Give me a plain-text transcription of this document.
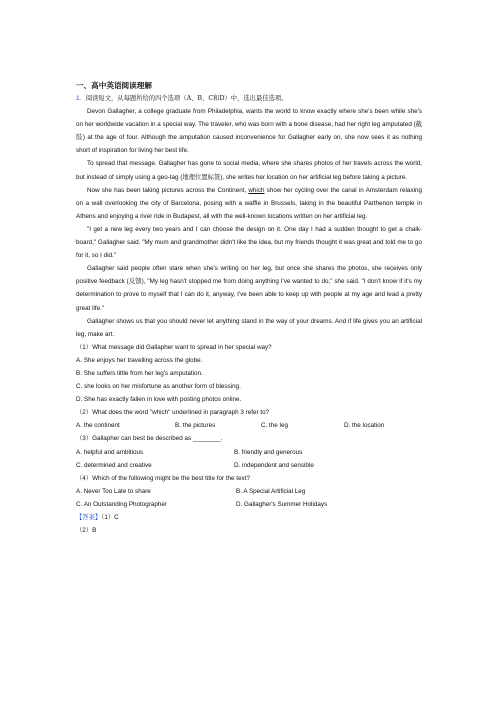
一、高中英语阅读理解
1．阅读短文，从每题所给的四个选项（A、B、C和D）中，选出最佳选项。

Devon Gallagher, a college graduate from Philadelphia, wants the world to know exactly where she's been while she's on her worldwide vacation in a special way. The traveler, who was born with a bone disease, had her right leg amputated (截肢) at the age of four. Although the amputation caused inconvenience for Gallagher early on, she now sees it as nothing short of inspiration for living her best life.

To spread that message. Gallagher has gone to social media, where she shares photos of her travels across the world, but instead of simply using a geo-tag (地理位置标签), she writes her location on her artificial leg before taking a picture.

Now she has been taking pictures across the Continent, which show her cycling over the canal in Amsterdam relaxing on a wall overlooking the city of Barcelona, posing with a waffle in Brussels, taking in the beautiful Parthenon temple in Athens and enjoying a river ride in Budapest, all with the well-known locations written on her artificial leg.

"I get a new leg every two years and I can choose the design on it. One day I had a sudden thought to get a chalk-board," Gallagher said. "My mum and grandmother didn't like the idea, but my friends thought it was great and told me to go for it, so I did."

Gallagher said people often stare when she's writing on her leg, but once she shares the photos, she receives only positive feedback (反馈), "My leg hasn't stopped me from doing anything I've wanted to do," she said. "I don't know if it's my determination to prove to myself that I can do it, anyway, I've been able to keep up with people at my age and lead a pretty great life."

Gallagher shows us that you should never let anything stand in the way of your dreams. And if life gives you an artificial leg, make art.

（1）What message did Gallapher want to spread in her special way?
A. She enjoys her travelling across the globe.
B. She suffers little from her leg's amputation.
C. she looks on her misfortune as another form of blessing.
D. She has exactly fallen in love with posting photos online.
（2）What does the word "which" underlined in paragraph 3 refer to?
A. the continent	B. the pictures	C. the leg	D. the location
（3）Gallapher can best be described as ________.
A. helpful and ambitious	B. friendly and generous
C. determined and creative	D. independent and sensible
（4）Which of the following might be the best title for the text?
A. Never Too Late to share	B. A Special Artificial Leg
C. An Outstanding Photographer	D. Gallagher's Summer Holidays
【答案】（1）C
（2）B
